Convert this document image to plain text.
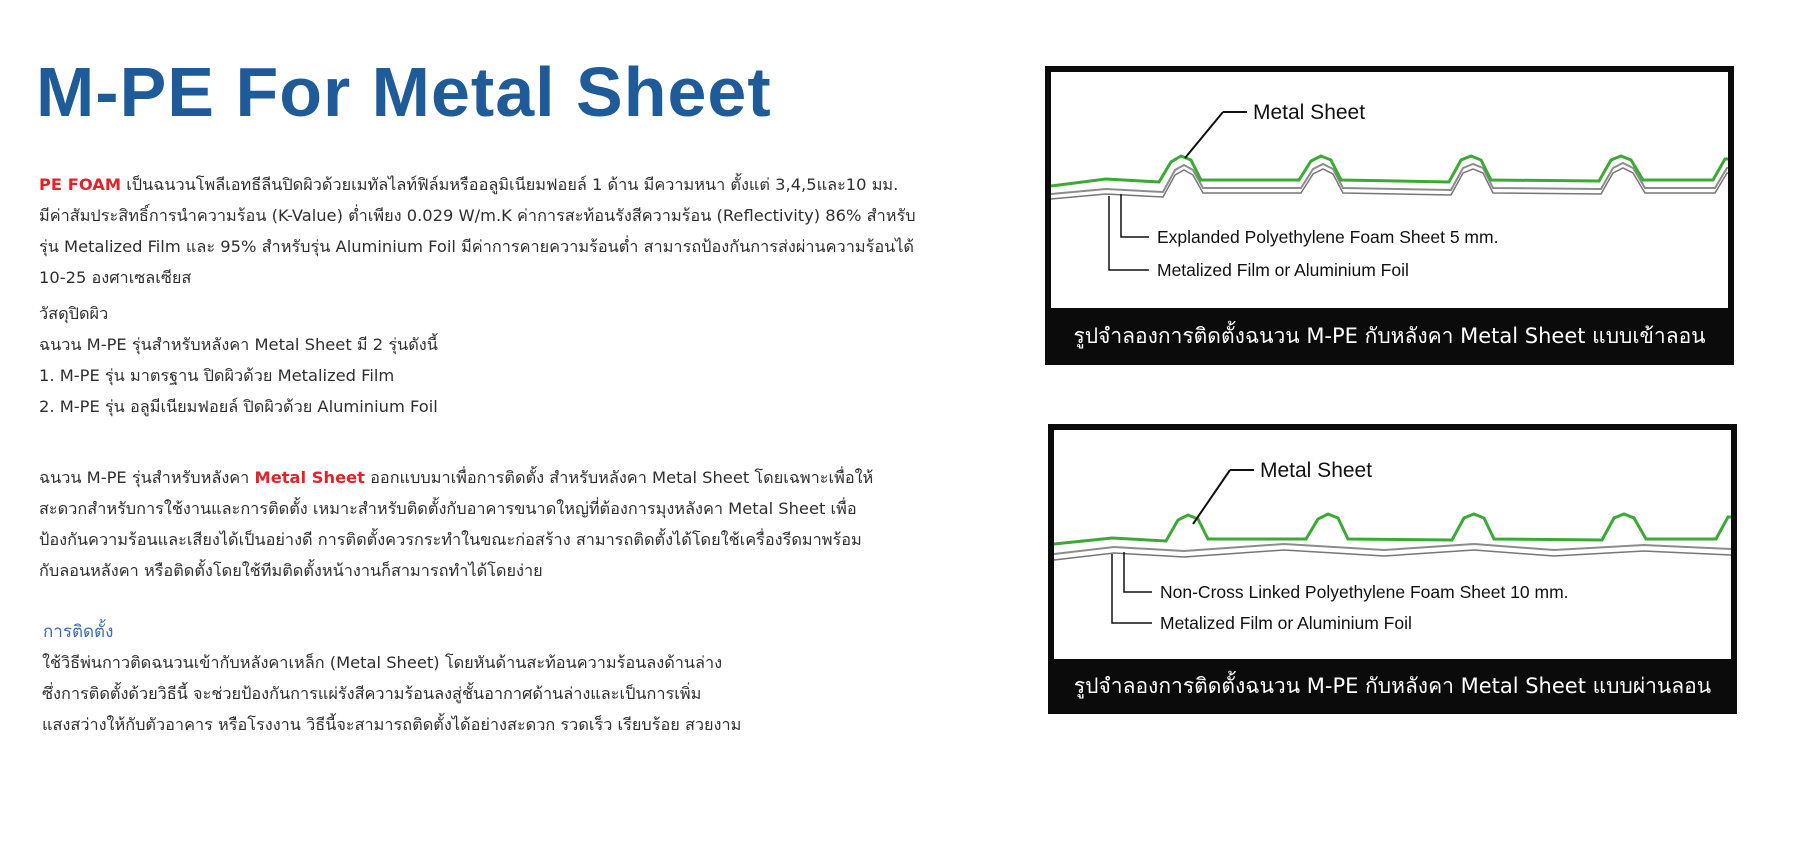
M-PE For Metal Sheet

PE FOAM เป็นฉนวนโพลีเอทธีลีนปิดผิวด้วยเมทัลไลท์ฟิล์มหรืออลูมิเนียมฟอยล์ 1 ด้าน มีความหนา ตั้งแต่ 3,4,5และ10 มม.
มีค่าสัมประสิทธิ์การนำความร้อน (K-Value) ต่ำเพียง 0.029 W/m.K ค่าการสะท้อนรังสีความร้อน (Reflectivity) 86% สำหรับ
รุ่น Metalized Film และ 95% สำหรับรุ่น Aluminium Foil มีค่าการคายความร้อนต่ำ สามารถป้องกันการส่งผ่านความร้อนได้
10-25 องศาเซลเซียส

วัสดุปิดผิว
ฉนวน M-PE รุ่นสำหรับหลังคา Metal Sheet มี 2 รุ่นดังนี้
1. M-PE รุ่น มาตรฐาน ปิดผิวด้วย Metalized Film
2. M-PE รุ่น อลูมีเนียมฟอยล์ ปิดผิวด้วย Aluminium Foil

ฉนวน M-PE รุ่นสำหรับหลังคา Metal Sheet ออกแบบมาเพื่อการติดตั้ง สำหรับหลังคา Metal Sheet โดยเฉพาะเพื่อให้
สะดวกสำหรับการใช้งานและการติดตั้ง เหมาะสำหรับติดตั้งกับอาคารขนาดใหญ่ที่ต้องการมุงหลังคา Metal Sheet เพื่อ
ป้องกันความร้อนและเสียงได้เป็นอย่างดี การติดตั้งควรกระทำในขณะก่อสร้าง สามารถติดตั้งได้โดยใช้เครื่องรีดมาพร้อม
กับลอนหลังคา หรือติดตั้งโดยใช้ทีมติดตั้งหน้างานก็สามารถทำได้โดยง่าย

การติดตั้ง

ใช้วิธีพ่นกาวติดฉนวนเข้ากับหลังคาเหล็ก (Metal Sheet) โดยหันด้านสะท้อนความร้อนลงด้านล่าง
ซึ่งการติดตั้งด้วยวิธีนี้ จะช่วยป้องกันการแผ่รังสีความร้อนลงสู่ชั้นอากาศด้านล่างและเป็นการเพิ่ม
แสงสว่างให้กับตัวอาคาร หรือโรงงาน วิธีนี้จะสามารถติดตั้งได้อย่างสะดวก รวดเร็ว เรียบร้อย สวยงาม

Metal Sheet
Explanded Polyethylene Foam Sheet 5 mm.
Metalized Film or Aluminium Foil
รูปจำลองการติดตั้งฉนวน M-PE กับหลังคา Metal Sheet แบบเข้าลอน
Metal Sheet
Non-Cross Linked Polyethylene Foam Sheet 10 mm.
Metalized Film or Aluminium Foil
รูปจำลองการติดตั้งฉนวน M-PE กับหลังคา Metal Sheet แบบผ่านลอน
